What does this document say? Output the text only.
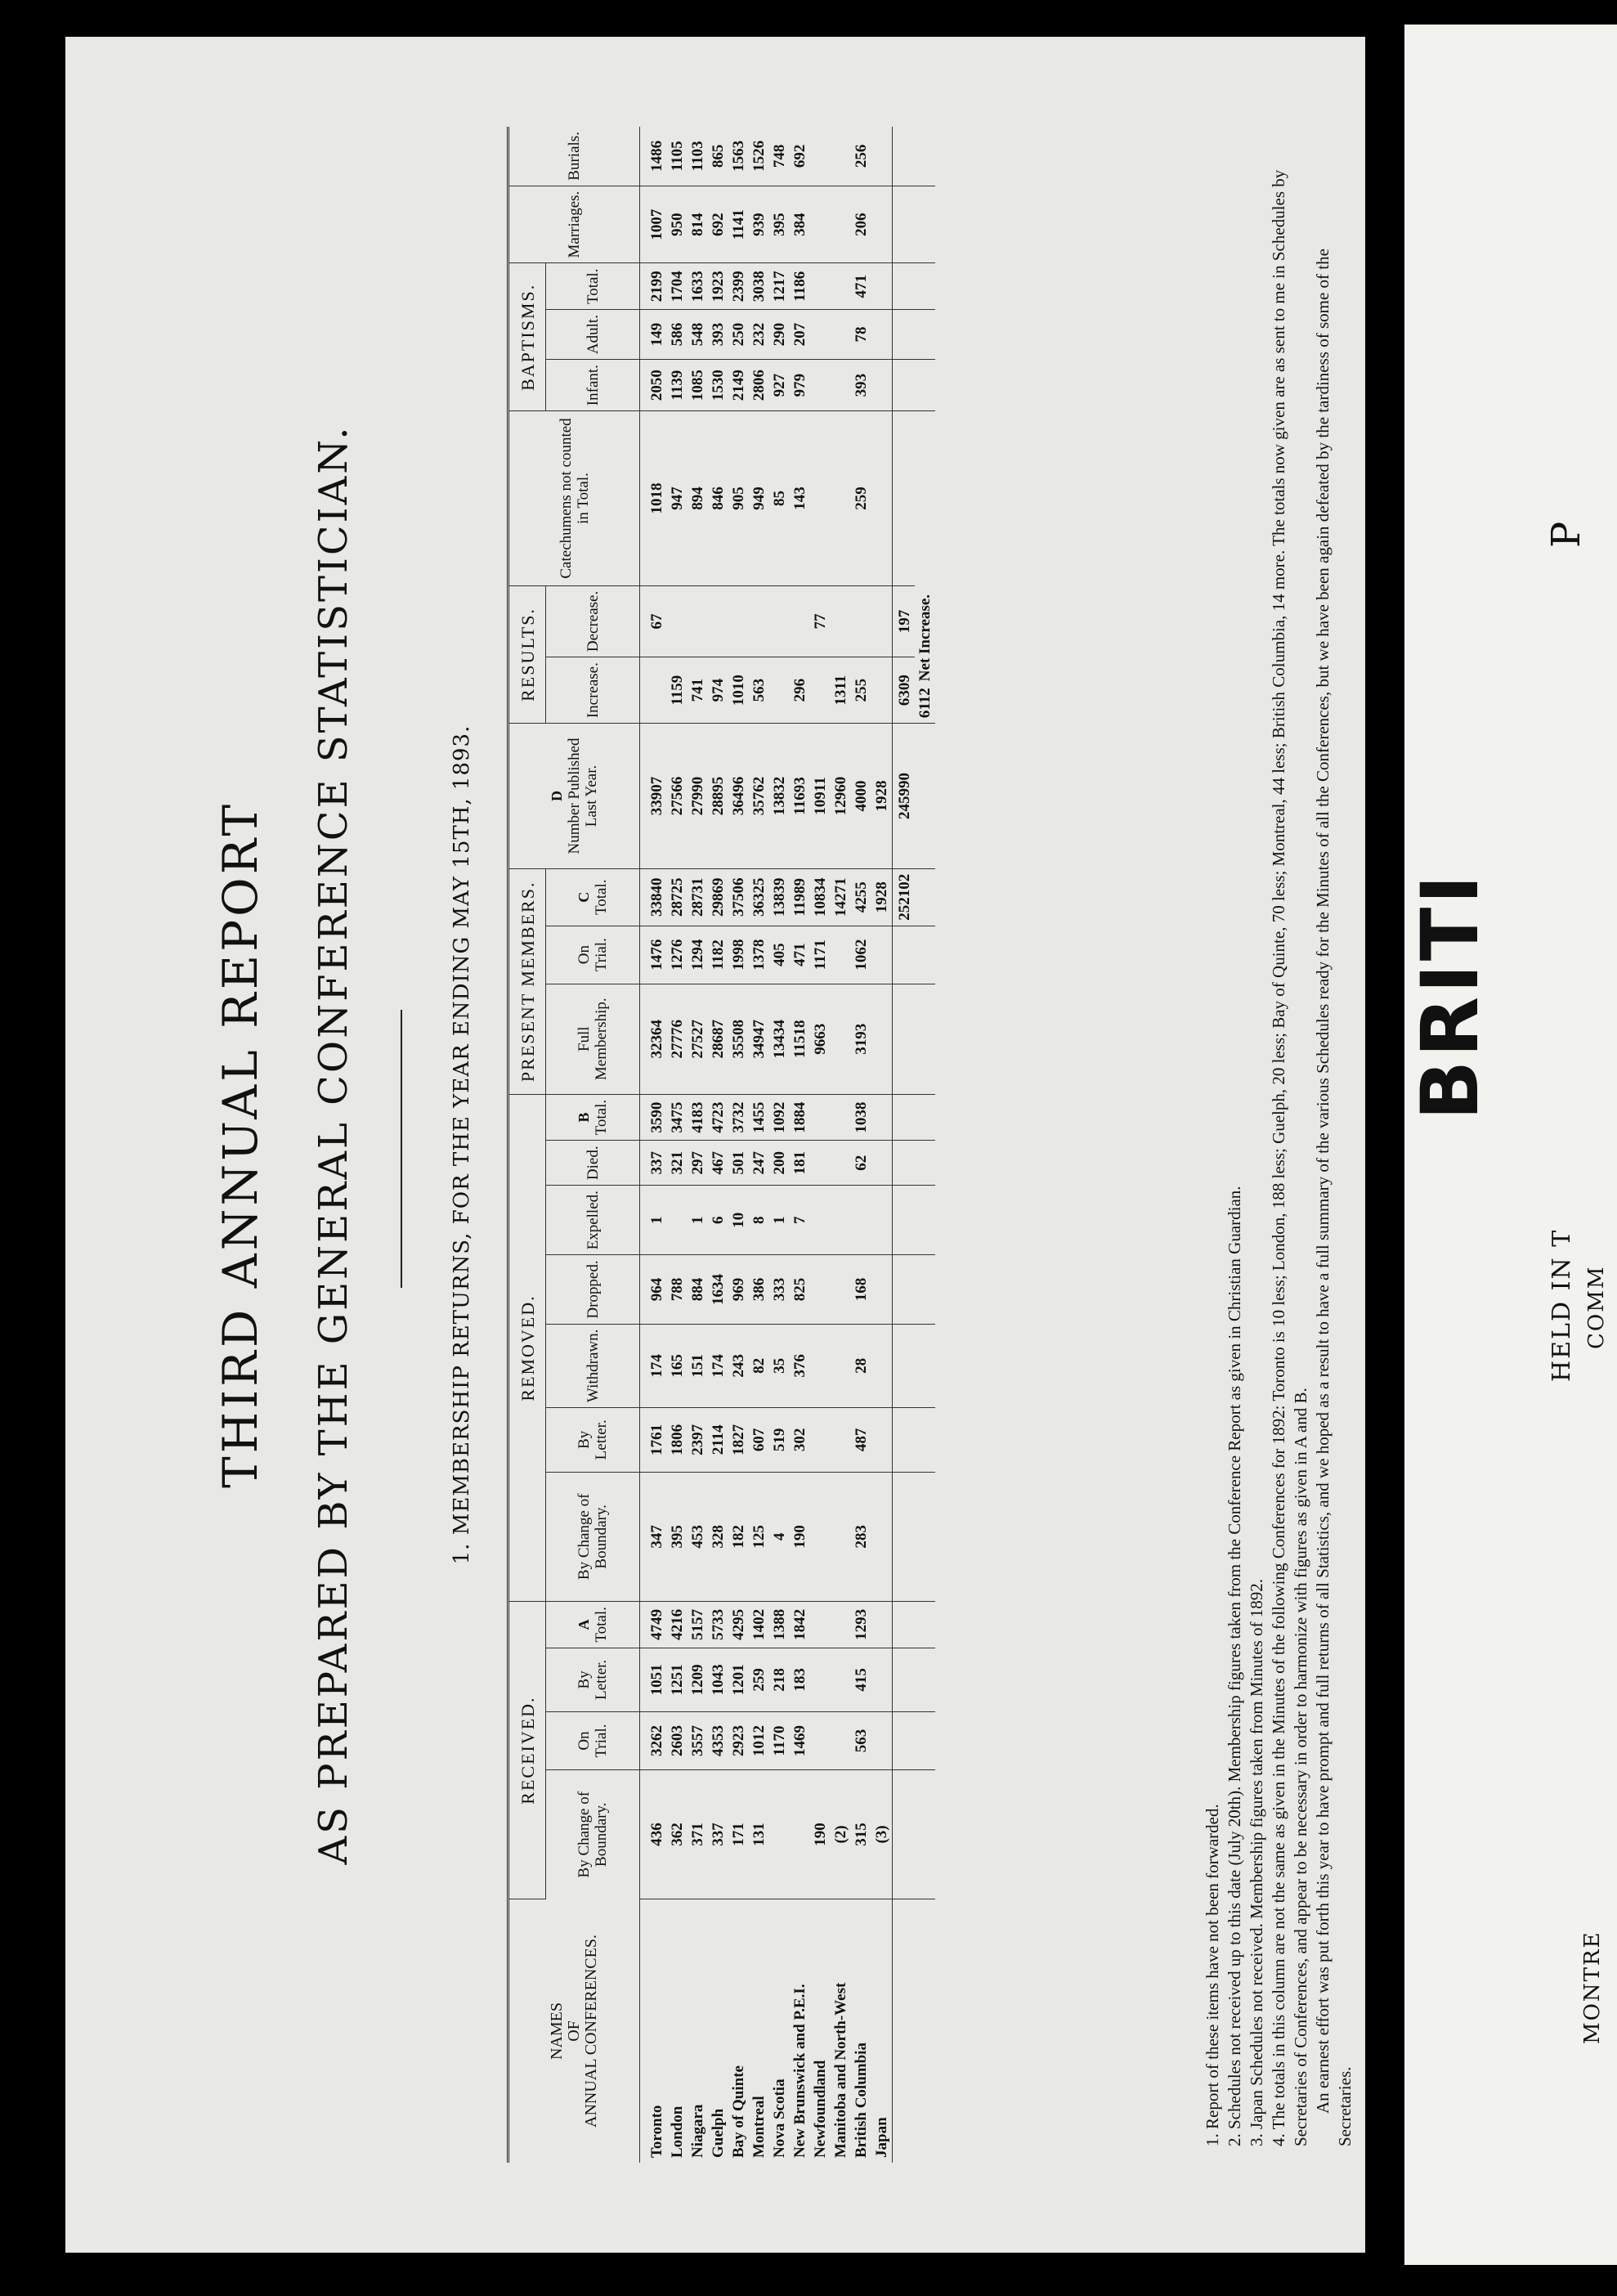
THIRD ANNUAL REPORT AS PREPARED BY THE GENERAL CONFERENCE STATISTICIAN.	1. MEMBERSHIP RETURNS, FOR THE YEAR ENDING MAY 15TH, 1893.
NAMES
OF
ANNUAL CONFERENCES.	RECEIVED.				REMOVED.							PRESENT MEMBERS.			D Number Published Last Year.	RESULTS.		Catechumens not counted in Total.	BAPTISMS.			Marriages.	Burials.
	By Change of Boundary.	On Trial.	By Letter.	A Total.	By Change of Boundary.	By Letter.	Withdrawn.	Dropped.	Expelled.	Died.	B Total.	Full Membership.	On Trial.	C Total.		Increase.	Decrease.		Infant.	Adult.	Total.		
Toronto	436	3262	1051	4749	347	1761	174	964	1	337	3590	32364	1476	33840	33907		67	1018	2050	149	2199	1007	1486
London	362	2603	1251	4216	395	1806	165	788		321	3475	27776	1276	28725	27566	1159		947	1139	586	1704	950	1105
Niagara	371	3557	1209	5157	453	2397	151	884	1	297	4183	27527	1294	28731	27990	741		894	1085	548	1633	814	1103
Guelph	337	4353	1043	5733	328	2114	174	1634	6	467	4723	28687	1182	29869	28895	974		846	1530	393	1923	692	865
Bay of Quinte	171	2923	1201	4295	182	1827	243	969	10	501	3732	35508	1998	37506	36496	1010		905	2149	250	2399	1141	1563
Montreal	131	1012	259	1402	125	607	82	386	8	247	1455	34947	1378	36325	35762	563		949	2806	232	3038	939	1526
Nova Scotia		1170	218	1388	4	519	35	333	1	200	1092	13434	405	13839	13832			85	927	290	1217	395	748
New Brunswick and P.E.I.		1469	183	1842	190	302	376	825	7	181	1884	11518	471	11989	11693	296		143	979	207	1186	384	692
Newfoundland	190											9663	1171	10834	10911		77						
Manitoba and North-West	(2)													14271	12960	1311							
British Columbia	315	563	415	1293	283	487	28	168		62	1038	3193	1062	4255	4000	255		259	393	78	471	206	256
Japan	(3)													1928	1928								
														252102	245990	6309	197						
																6112Net Increase.							

1. Report of these items have not been forwarded. 2. Schedules not received up to this date (July 20th). Membership figures taken from the Conference Report as given in Christian Guardian. 3. Japan Schedules not received. Membership figures taken from Minutes of 1892. 4. The totals in this column are not the same as given in the Minutes of the following Conferences for 1892: Toronto is 10 less; London, 188 less; Guelph, 20 less; Bay of Quinte, 70 less; Montreal, 44 less; British Columbia, 14 more. The totals now given are as sent to me in Schedules by Secretaries of Conferences, and appear to be necessary in order to harmonize with figures as given in A and B. An earnest effort was put forth this year to have prompt and full returns of all Statistics, and we hoped as a result to have a full summary of the various Schedules ready for the Minutes of all the Conferences, but we have been again defeated by the tardiness of some of the Secretaries.

BRITI
P
HELD IN T COMM
MONTRE
